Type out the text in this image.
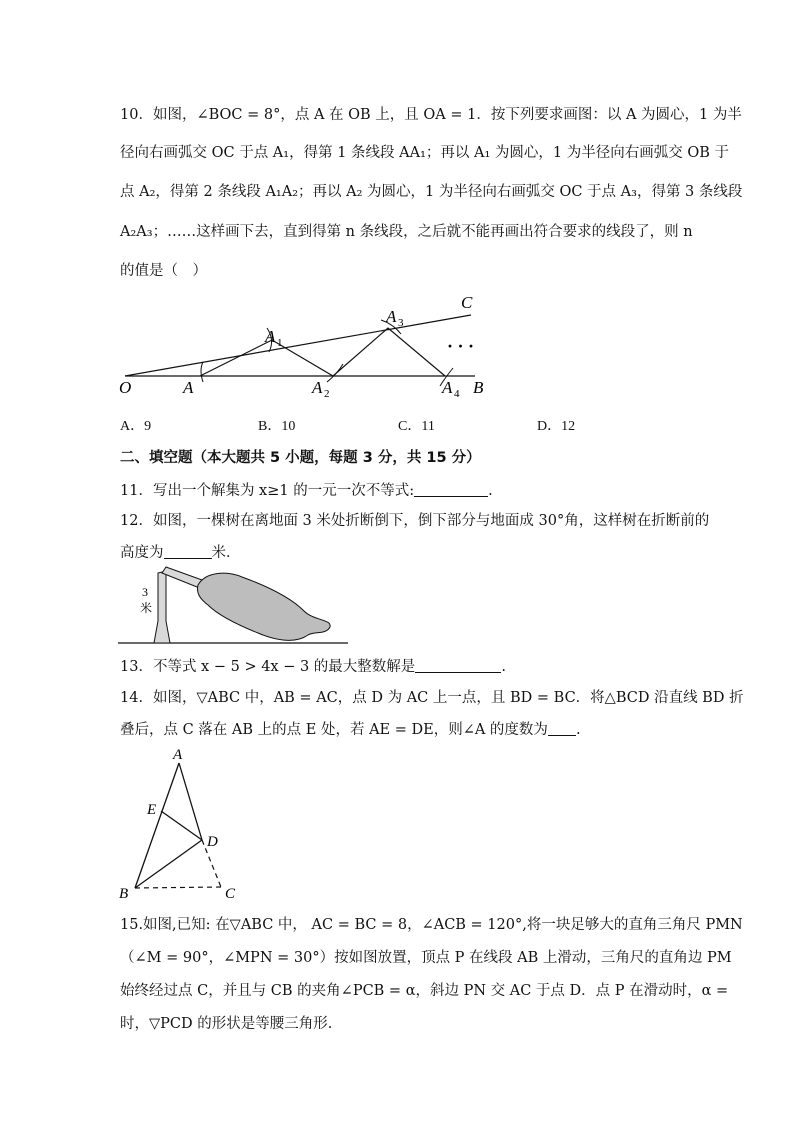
10．如图，∠BOC = 8°，点 A 在 OB 上，且 OA = 1．按下列要求画图：以 A 为圆心，1 为半
径向右画弧交 OC 于点 A₁，得第 1 条线段 AA₁；再以 A₁ 为圆心，1 为半径向右画弧交 OB 于
点 A₂，得第 2 条线段 A₁A₂；再以 A₂ 为圆心，1 为半径向右画弧交 OC 于点 A₃，得第 3 条线段
A₂A₃；……这样画下去，直到得第 n 条线段，之后就不能再画出符合要求的线段了，则 n
的值是（　）
O	A
A 1
A 2
A 3
A 4 B
C
· · ·
A．9	B．10	C．11	D．12
二、填空题（本大题共 5 小题，每题 3 分，共 15 分）
11．写出一个解集为 x≥1 的一元一次不等式:	.
12．如图，一棵树在离地面 3 米处折断倒下，倒下部分与地面成 30°角，这样树在折断前的
高度为	米．
3
米
13．不等式 x − 5 > 4x − 3 的最大整数解是	.
14．如图，▽ABC 中，AB = AC，点 D 为 AC 上一点，且 BD = BC．将△BCD 沿直线 BD 折
叠后，点 C 落在 AB 上的点 E 处，若 AE = DE，则∠A 的度数为 .
A
E
D
B	C
15.如图,已知: 在▽ABC 中， AC = BC = 8，∠ACB = 120°,将一块足够大的直角三角尺 PMN
（∠M = 90°，∠MPN = 30°）按如图放置，顶点 P 在线段 AB 上滑动，三角尺的直角边 PM
始终经过点 C，并且与 CB 的夹角∠PCB = α，斜边 PN 交 AC 于点 D．点 P 在滑动时，α =
时，▽PCD 的形状是等腰三角形.
